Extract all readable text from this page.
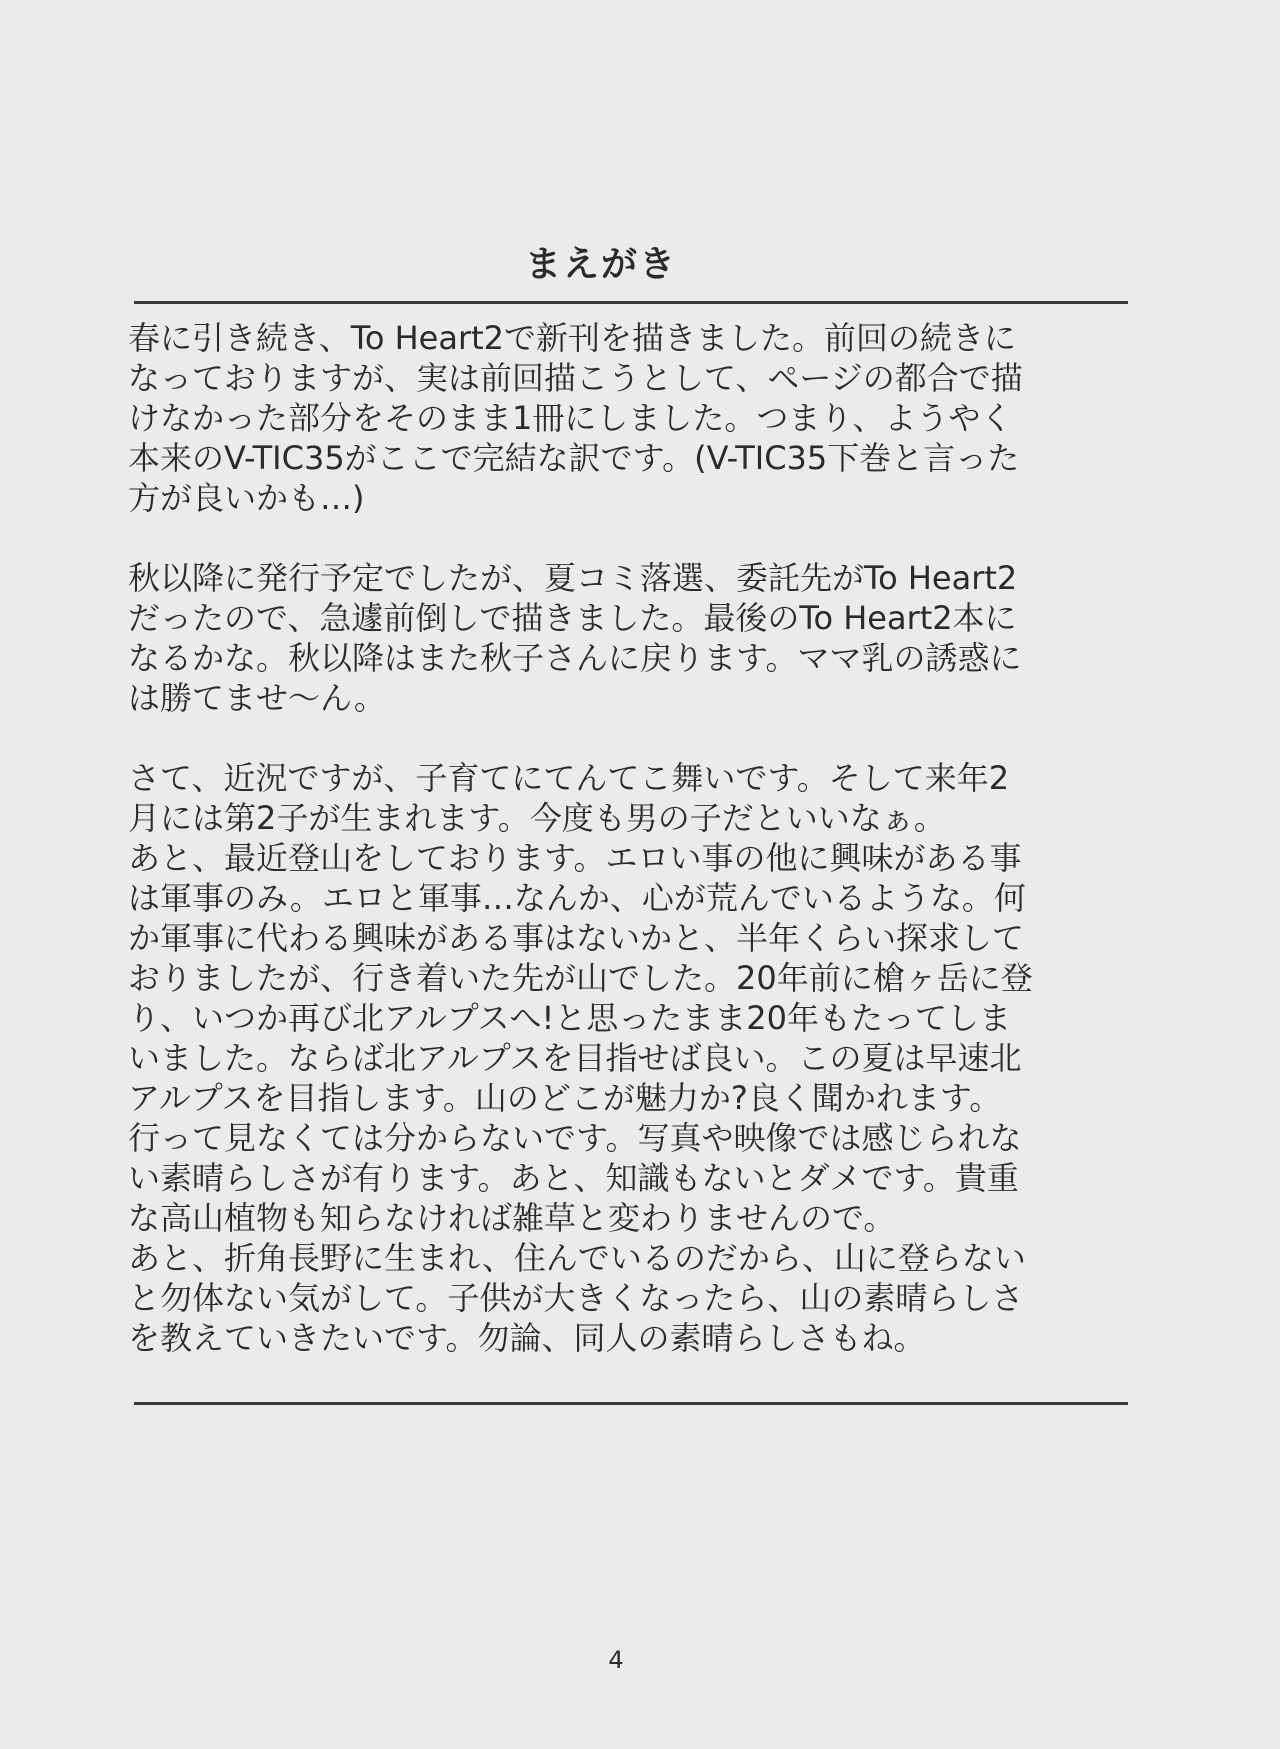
まえがき

春に引き続き、To Heart2で新刊を描きました。前回の続きに
なっておりますが、実は前回描こうとして、ページの都合で描
けなかった部分をそのまま1冊にしました。つまり、ようやく
本来のV-TIC35がここで完結な訳です。(V-TIC35下巻と言った
方が良いかも…)

秋以降に発行予定でしたが、夏コミ落選、委託先がTo Heart2
だったので、急遽前倒しで描きました。最後のTo Heart2本に
なるかな。秋以降はまた秋子さんに戻ります。ママ乳の誘惑に
は勝てませ〜ん。

さて、近況ですが、子育てにてんてこ舞いです。そして来年2
月には第2子が生まれます。今度も男の子だといいなぁ。
あと、最近登山をしております。エロい事の他に興味がある事
は軍事のみ。エロと軍事…なんか、心が荒んでいるような。何
か軍事に代わる興味がある事はないかと、半年くらい探求して
おりましたが、行き着いた先が山でした。20年前に槍ヶ岳に登
り、いつか再び北アルプスへ!と思ったまま20年もたってしま
いました。ならば北アルプスを目指せば良い。この夏は早速北
アルプスを目指します。山のどこが魅力か?良く聞かれます。
行って見なくては分からないです。写真や映像では感じられな
い素晴らしさが有ります。あと、知識もないとダメです。貴重
な高山植物も知らなければ雑草と変わりませんので。
あと、折角長野に生まれ、住んでいるのだから、山に登らない
と勿体ない気がして。子供が大きくなったら、山の素晴らしさ
を教えていきたいです。勿論、同人の素晴らしさもね。

4
